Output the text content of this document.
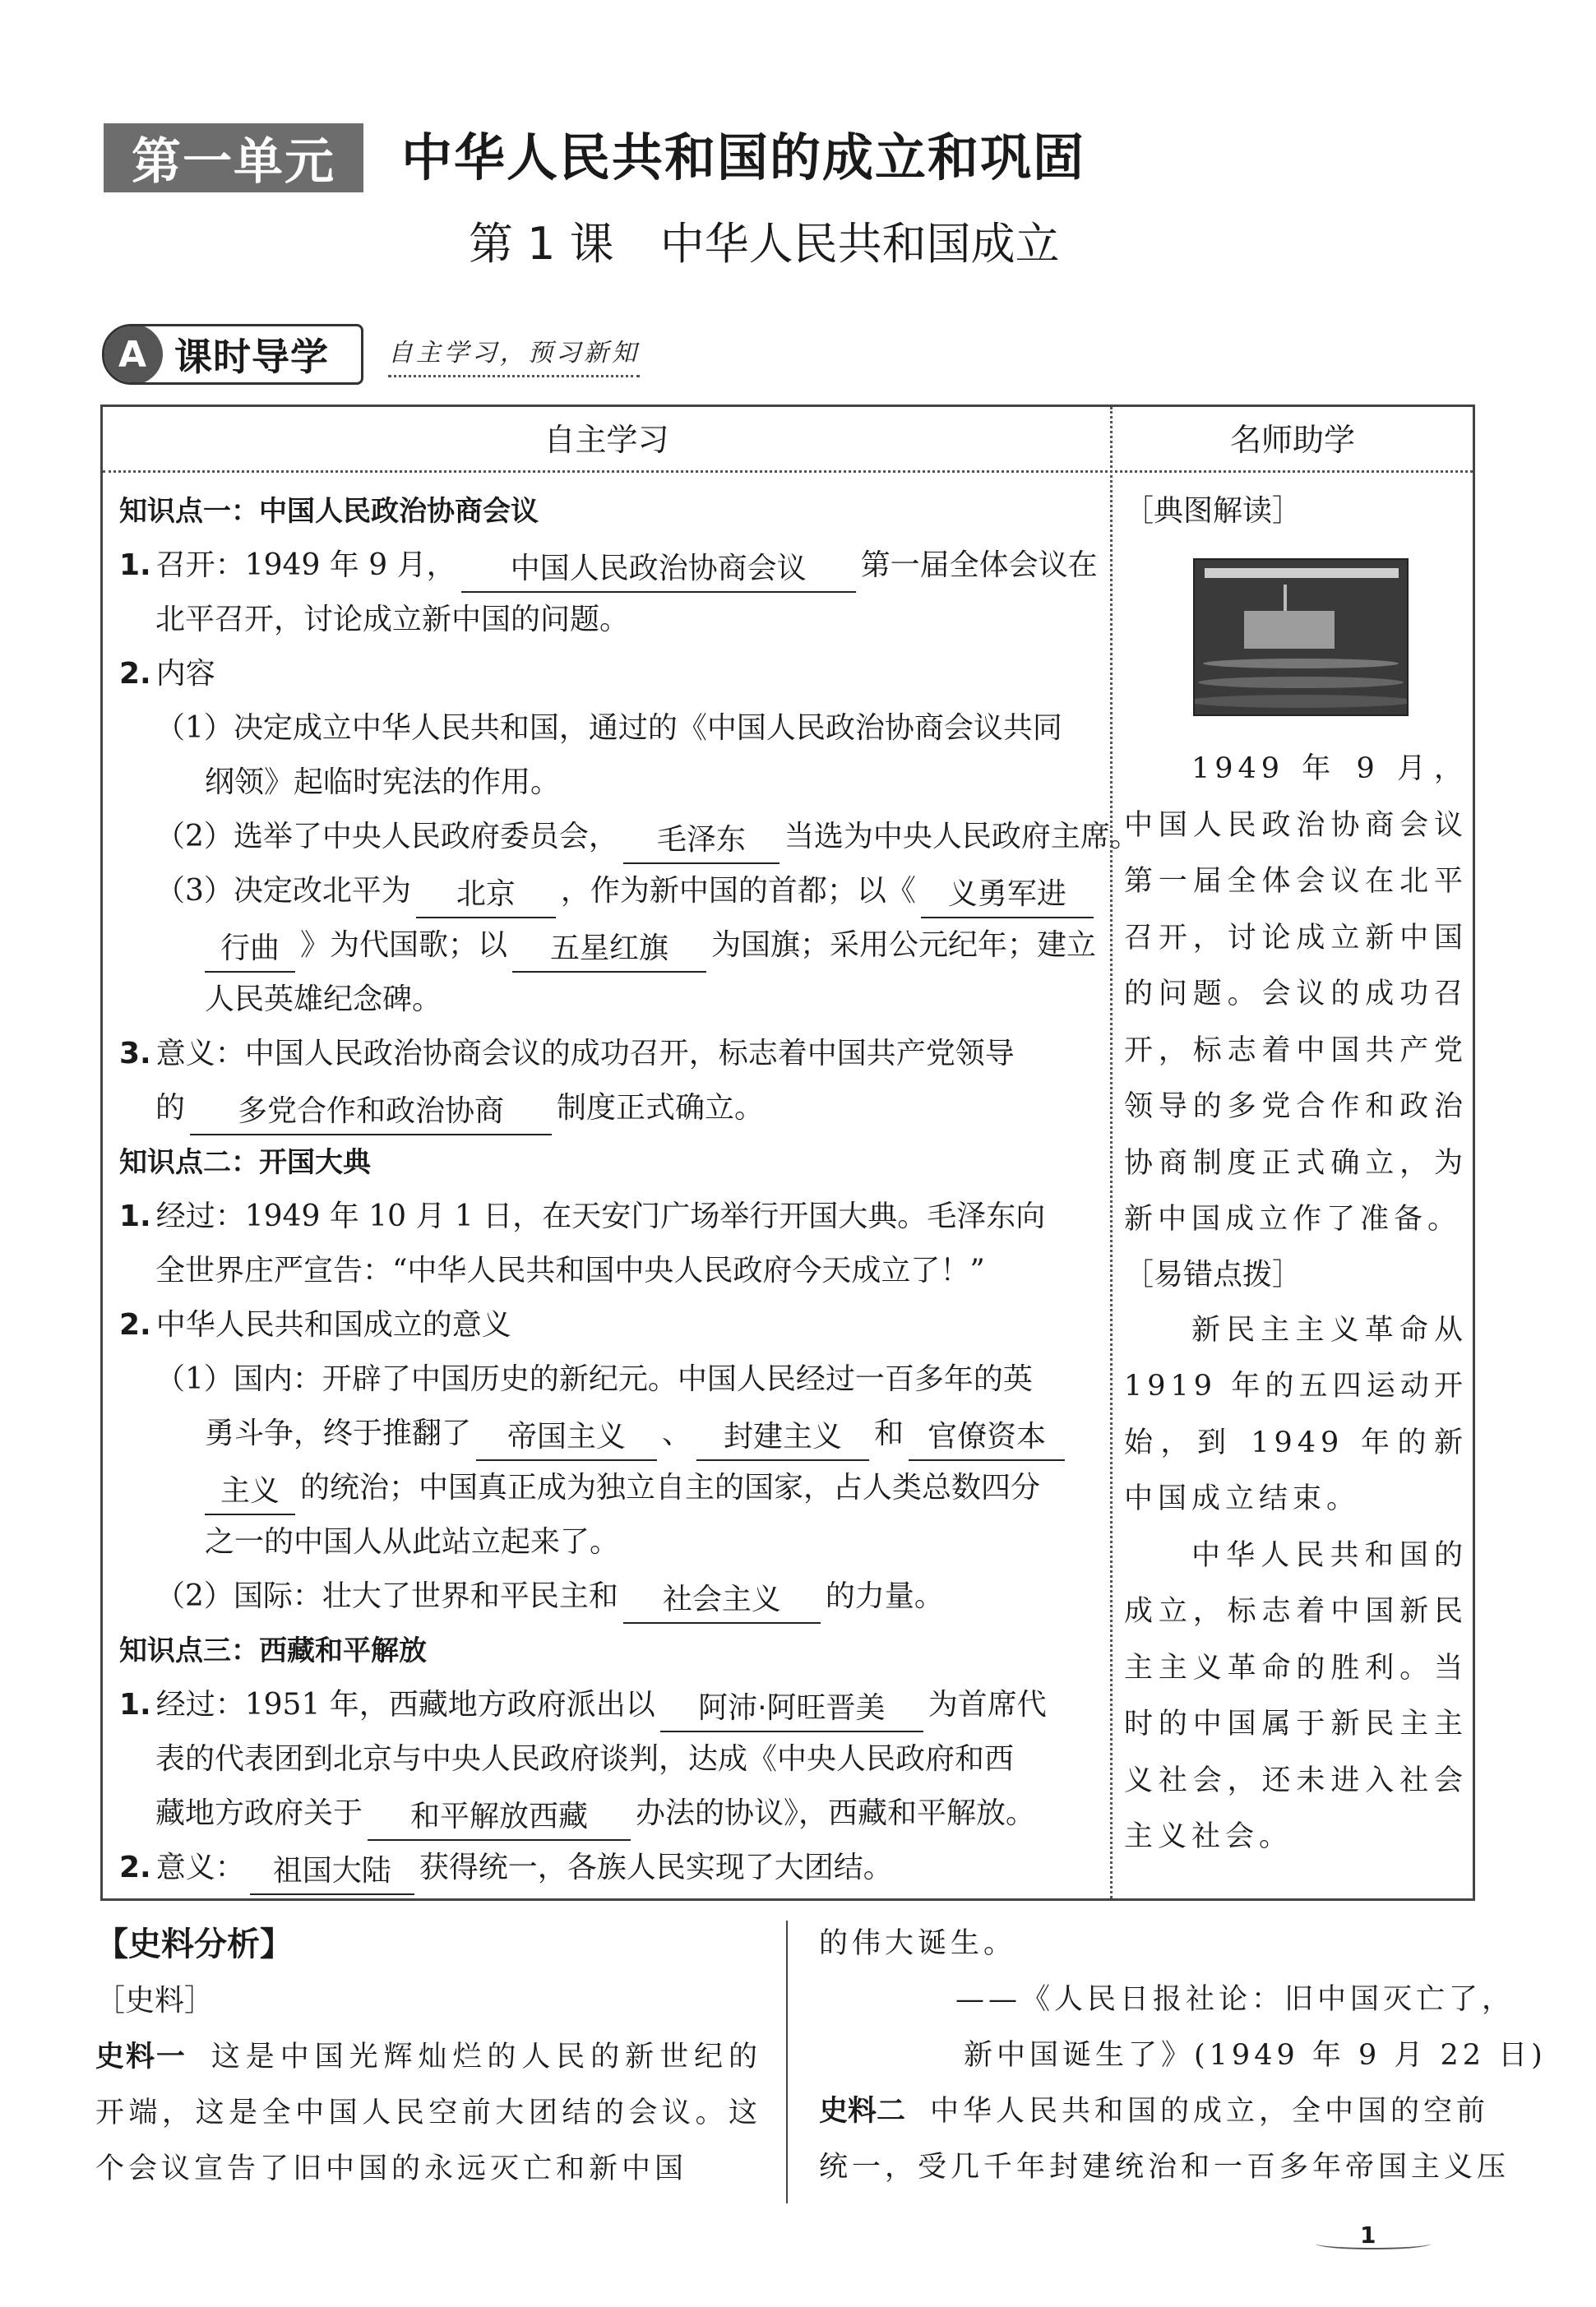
第一单元	中华人民共和国的成立和巩固
第 1 课 中华人民共和国成立
A 课时导学 自主学习，预习新知
自主学习	名师助学
知识点一：中国人民政治协商会议
1. 召开：1949 年 9 月， 中国人民政治协商会议 第一届全体会议在
北平召开，讨论成立新中国的问题。
2. 内容
（1）决定成立中华人民共和国，通过的《中国人民政治协商会议共同
纲领》起临时宪法的作用。
（2）选举了中央人民政府委员会， 毛泽东 当选为中央人民政府主席。
（3）决定改北平为 北京 ，作为新中国的首都；以《 义勇军进
行曲 》为代国歌；以 五星红旗 为国旗；采用公元纪年；建立
人民英雄纪念碑。
3. 意义：中国人民政治协商会议的成功召开，标志着中国共产党领导
的 多党合作和政治协商 制度正式确立。
知识点二：开国大典
1. 经过：1949 年 10 月 1 日，在天安门广场举行开国大典。毛泽东向
全世界庄严宣告：“中华人民共和国中央人民政府今天成立了！”
2. 中华人民共和国成立的意义
（1）国内：开辟了中国历史的新纪元。中国人民经过一百多年的英
勇斗争，终于推翻了 帝国主义 、 封建主义 和 官僚资本
主义 的统治；中国真正成为独立自主的国家，占人类总数四分
之一的中国人从此站立起来了。
（2）国际：壮大了世界和平民主和 社会主义 的力量。
知识点三：西藏和平解放
1. 经过：1951 年，西藏地方政府派出以 阿沛·阿旺晋美 为首席代
表的代表团到北京与中央人民政府谈判，达成《中央人民政府和西
藏地方政府关于 和平解放西藏 办法的协议》，西藏和平解放。
2. 意义： 祖国大陆 获得统一，各族人民实现了大团结。
［典图解读］
1949 年 9 月，中国人民政治协商会议第一届全体会议在北平召开，讨论成立新中国的问题。会议的成功召开，标志着中国共产党领导的多党合作和政治协商制度正式确立，为新中国成立作了准备。
［易错点拨］
新民主主义革命从 1919 年的五四运动开始，到 1949 年的新中国成立结束。
中华人民共和国的成立，标志着中国新民主主义革命的胜利。当时的中国属于新民主主义社会，还未进入社会主义社会。
【史料分析】
［史料］
史料一 这是中国光辉灿烂的人民的新世纪的开端，这是全中国人民空前大团结的会议。这个会议宣告了旧中国的永远灭亡和新中国
的伟大诞生。
——《人民日报社论：旧中国灭亡了，
新中国诞生了》(1949 年 9 月 22 日)
史料二 中华人民共和国的成立，全中国的空前
统一，受几千年封建统治和一百多年帝国主义压
1
